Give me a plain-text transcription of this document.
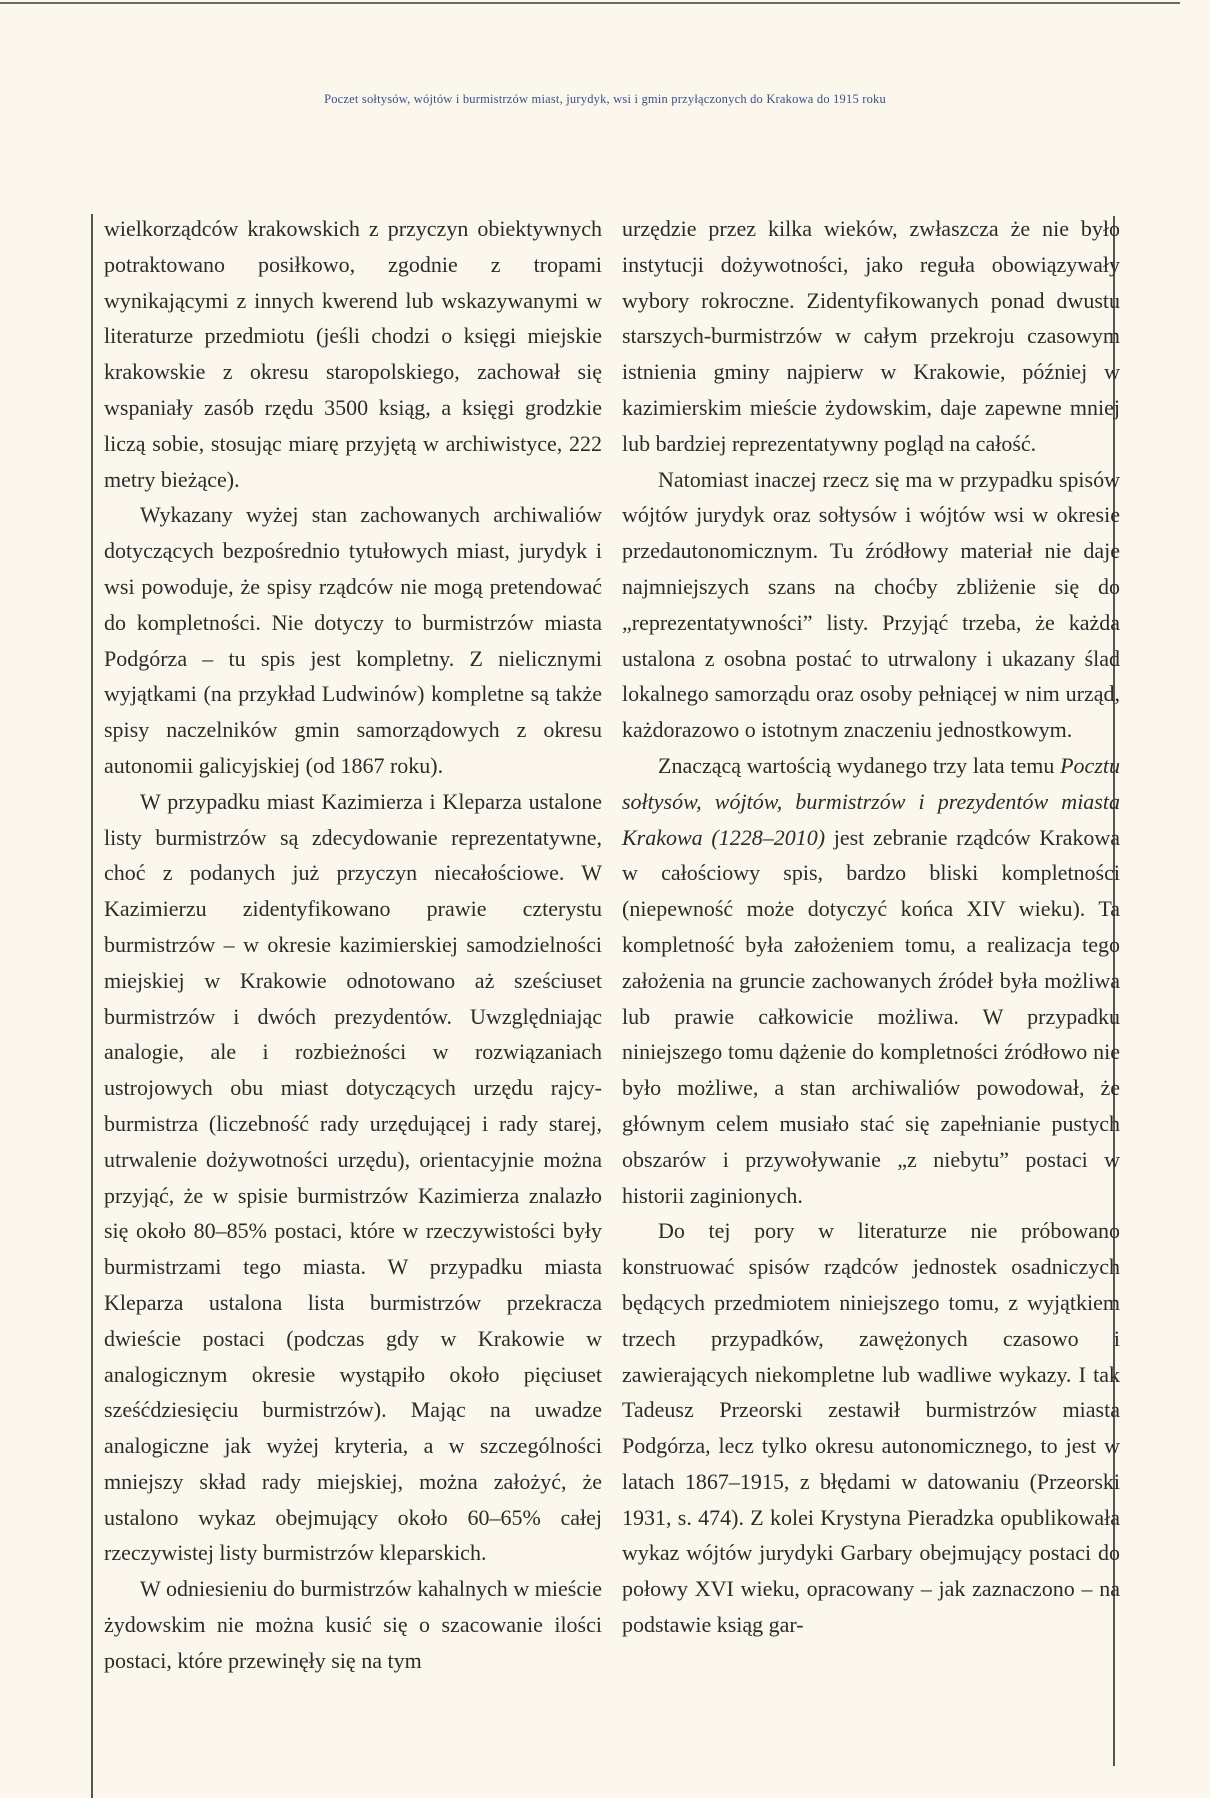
Poczet sołtysów, wójtów i burmistrzów miast, jurydyk, wsi i gmin przyłączonych do Krakowa do 1915 roku

wielkorządców krakowskich z przyczyn obiektywnych potraktowano posiłkowo, zgodnie z tropami wynikającymi z innych kwerend lub wskazywanymi w literaturze przedmiotu (jeśli chodzi o księgi miejskie krakowskie z okresu staropolskiego, zachował się wspaniały zasób rzędu 3500 ksiąg, a księgi grodzkie liczą sobie, stosując miarę przyjętą w archiwistyce, 222 metry bieżące).

Wykazany wyżej stan zachowanych archiwaliów dotyczących bezpośrednio tytułowych miast, jurydyk i wsi powoduje, że spisy rządców nie mogą pretendować do kompletności. Nie dotyczy to burmistrzów miasta Podgórza – tu spis jest kompletny. Z nielicznymi wyjątkami (na przykład Ludwinów) kompletne są także spisy naczelników gmin samorządowych z okresu autonomii galicyjskiej (od 1867 roku).

W przypadku miast Kazimierza i Kleparza ustalone listy burmistrzów są zdecydowanie reprezentatywne, choć z podanych już przyczyn niecałościowe. W Kazimierzu zidentyfikowano prawie czterystu burmistrzów – w okresie kazimierskiej samodzielności miejskiej w Krakowie odnotowano aż sześciuset burmistrzów i dwóch prezydentów. Uwzględniając analogie, ale i rozbieżności w rozwiązaniach ustrojowych obu miast dotyczących urzędu rajcy-burmistrza (liczebność rady urzędującej i rady starej, utrwalenie dożywotności urzędu), orientacyjnie można przyjąć, że w spisie burmistrzów Kazimierza znalazło się około 80–85% postaci, które w rzeczywistości były burmistrzami tego miasta. W przypadku miasta Kleparza ustalona lista burmistrzów przekracza dwieście postaci (podczas gdy w Krakowie w analogicznym okresie wystąpiło około pięciuset sześćdziesięciu burmistrzów). Mając na uwadze analogiczne jak wyżej kryteria, a w szczególności mniejszy skład rady miejskiej, można założyć, że ustalono wykaz obejmujący około 60–65% całej rzeczywistej listy burmistrzów kleparskich.

W odniesieniu do burmistrzów kahalnych w mieście żydowskim nie można kusić się o szacowanie ilości postaci, które przewinęły się na tym

urzędzie przez kilka wieków, zwłaszcza że nie było instytucji dożywotności, jako reguła obowiązywały wybory rokroczne. Zidentyfikowanych ponad dwustu starszych-burmistrzów w całym przekroju czasowym istnienia gminy najpierw w Krakowie, później w kazimierskim mieście żydowskim, daje zapewne mniej lub bardziej reprezentatywny pogląd na całość.

Natomiast inaczej rzecz się ma w przypadku spisów wójtów jurydyk oraz sołtysów i wójtów wsi w okresie przedautonomicznym. Tu źródłowy materiał nie daje najmniejszych szans na choćby zbliżenie się do „reprezentatywności” listy. Przyjąć trzeba, że każda ustalona z osobna postać to utrwalony i ukazany ślad lokalnego samorządu oraz osoby pełniącej w nim urząd, każdorazowo o istotnym znaczeniu jednostkowym.

Znaczącą wartością wydanego trzy lata temu Pocztu sołtysów, wójtów, burmistrzów i prezydentów miasta Krakowa (1228–2010) jest zebranie rządców Krakowa w całościowy spis, bardzo bliski kompletności (niepewność może dotyczyć końca XIV wieku). Ta kompletność była założeniem tomu, a realizacja tego założenia na gruncie zachowanych źródeł była możliwa lub prawie całkowicie możliwa. W przypadku niniejszego tomu dążenie do kompletności źródłowo nie było możliwe, a stan archiwaliów powodował, że głównym celem musiało stać się zapełnianie pustych obszarów i przywoływanie „z niebytu” postaci w historii zaginionych.

Do tej pory w literaturze nie próbowano konstruować spisów rządców jednostek osadniczych będących przedmiotem niniejszego tomu, z wyjątkiem trzech przypadków, zawężonych czasowo i zawierających niekompletne lub wadliwe wykazy. I tak Tadeusz Przeorski zestawił burmistrzów miasta Podgórza, lecz tylko okresu autonomicznego, to jest w latach 1867–1915, z błędami w datowaniu (Przeorski 1931, s. 474). Z kolei Krystyna Pieradzka opublikowała wykaz wójtów jurydyki Garbary obejmujący postaci do połowy XVI wieku, opracowany – jak zaznaczono – na podstawie ksiąg gar-
